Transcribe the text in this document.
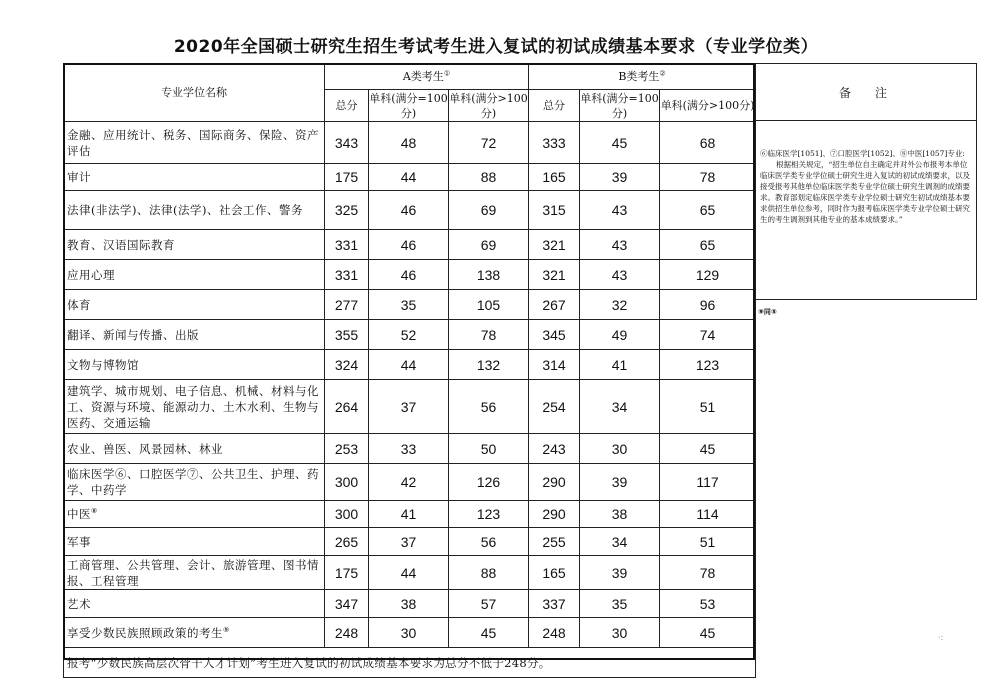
2020年全国硕士研究生招生考试考生进入复试的初试成绩基本要求（专业学位类）
专业学位名称	A类考生①			B类考生②
	总分	单科(满分=100分)	单科(满分>100分)	总分	单科(满分=100分)	单科(满分>100分)
金融、应用统计、税务、国际商务、保险、资产评估	343	48	72	333	45	68
审计	175	44	88	165	39	78
法律(非法学)、法律(法学)、社会工作、警务	325	46	69	315	43	65
教育、汉语国际教育	331	46	69	321	43	65
应用心理	331	46	138	321	43	129
体育	277	35	105	267	32	96
翻译、新闻与传播、出版	355	52	78	345	49	74
文物与博物馆	324	44	132	314	41	123
建筑学、城市规划、电子信息、机械、材料与化工、资源与环境、能源动力、土木水利、生物与医药、交通运输	264	37	56	254	34	51
农业、兽医、风景园林、林业	253	33	50	243	30	45
临床医学⑥、口腔医学⑦、公共卫生、护理、药学、中药学	300	42	126	290	39	117
中医⑧	300	41	123	290	38	114
军事	265	37	56	255	34	51
工商管理、公共管理、会计、旅游管理、图书情报、工程管理	175	44	88	165	39	78
艺术	347	38	57	337	35	53
享受少数民族照顾政策的考生⑨	248	30	45	248	30	45
报考“少数民族高层次骨干人才计划”考生进入复试的初试成绩基本要求为总分不低于248分。						
备　注

⑥临床医学[1051]、⑦口腔医学[1052]、⑧中医[1057]专业:

根据相关规定，“招生单位自主确定并对外公布报考本单位临床医学类专业学位硕士研究生进入复试的初试成绩要求，以及接受报考其他单位临床医学类专业学位硕士研究生调剂的成绩要求。教育部划定临床医学类专业学位硕士研究生初试成绩基本要求供招生单位参考，同时作为报考临床医学类专业学位硕士研究生的考生调剂到其他专业的基本成绩要求。”

⑨同⑤
·:
